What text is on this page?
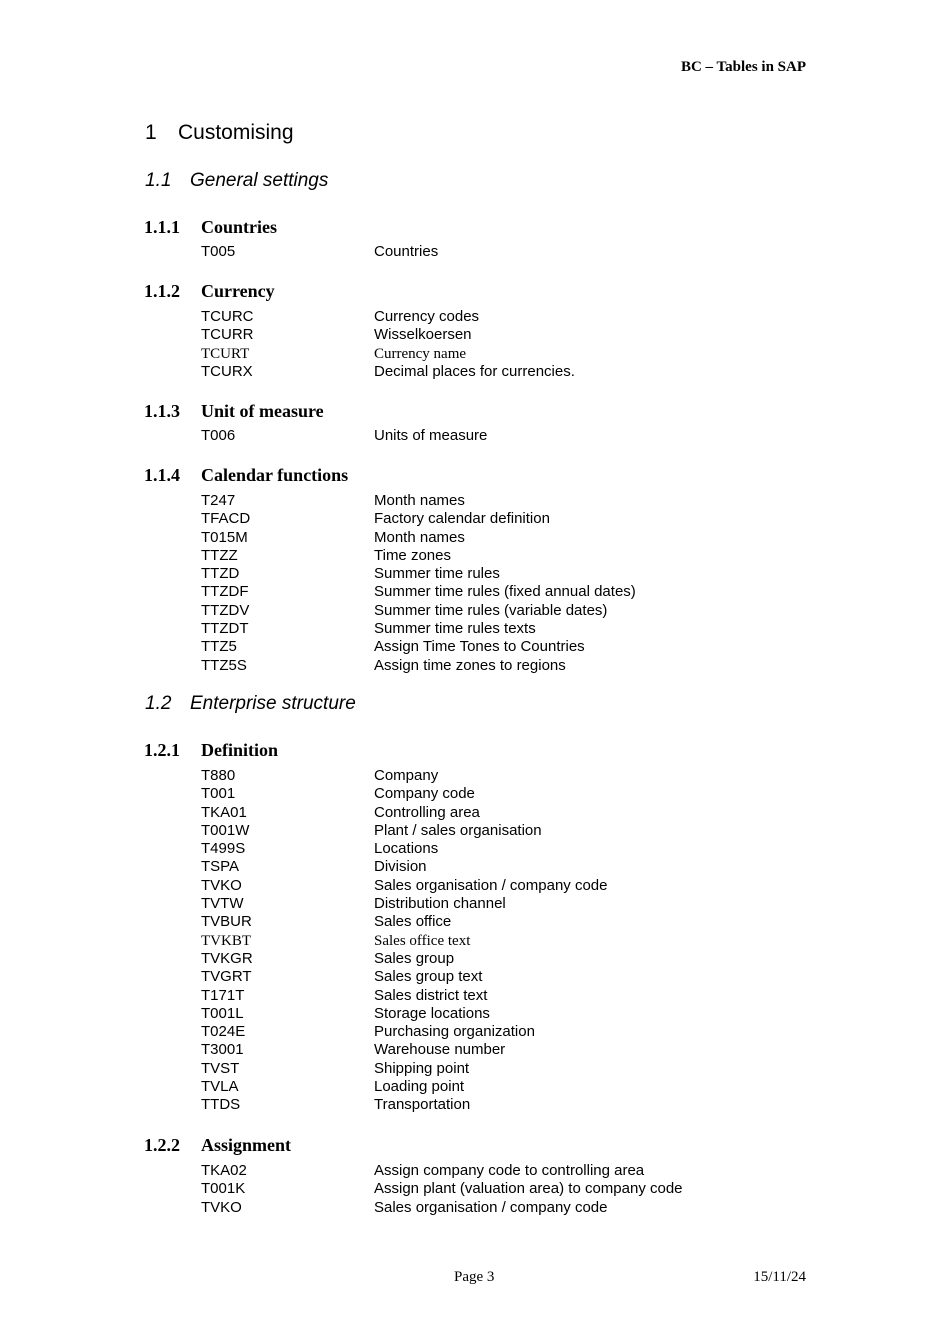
BC – Tables in SAP
1 Customising
1.1 General settings
1.1.1 Countries
T005	Countries
1.1.2 Currency
TCURC	Currency codes
TCURR	Wisselkoersen
TCURT	Currency name
TCURX	Decimal places for currencies.
1.1.3 Unit of measure
T006	Units of measure
1.1.4 Calendar functions
T247	Month names
TFACD	Factory calendar definition
T015M	Month names
TTZZ	Time zones
TTZD	Summer time rules
TTZDF	Summer time rules (fixed annual dates)
TTZDV	Summer time rules (variable dates)
TTZDT	Summer time rules texts
TTZ5	Assign Time Tones to Countries
TTZ5S	Assign time zones to regions
1.2 Enterprise structure
1.2.1 Definition
T880	Company
T001	Company code
TKA01	Controlling area
T001W	Plant / sales organisation
T499S	Locations
TSPA	Division
TVKO	Sales organisation / company code
TVTW	Distribution channel
TVBUR	Sales office
TVKBT	Sales office text
TVKGR	Sales group
TVGRT	Sales group text
T171T	Sales district text
T001L	Storage locations
T024E	Purchasing organization
T3001	Warehouse number
TVST	Shipping point
TVLA	Loading point
TTDS	Transportation
1.2.2 Assignment
TKA02	Assign company code to controlling area
T001K	Assign plant (valuation area) to company code
TVKO	Sales organisation / company code
Page 3	15/11/24
